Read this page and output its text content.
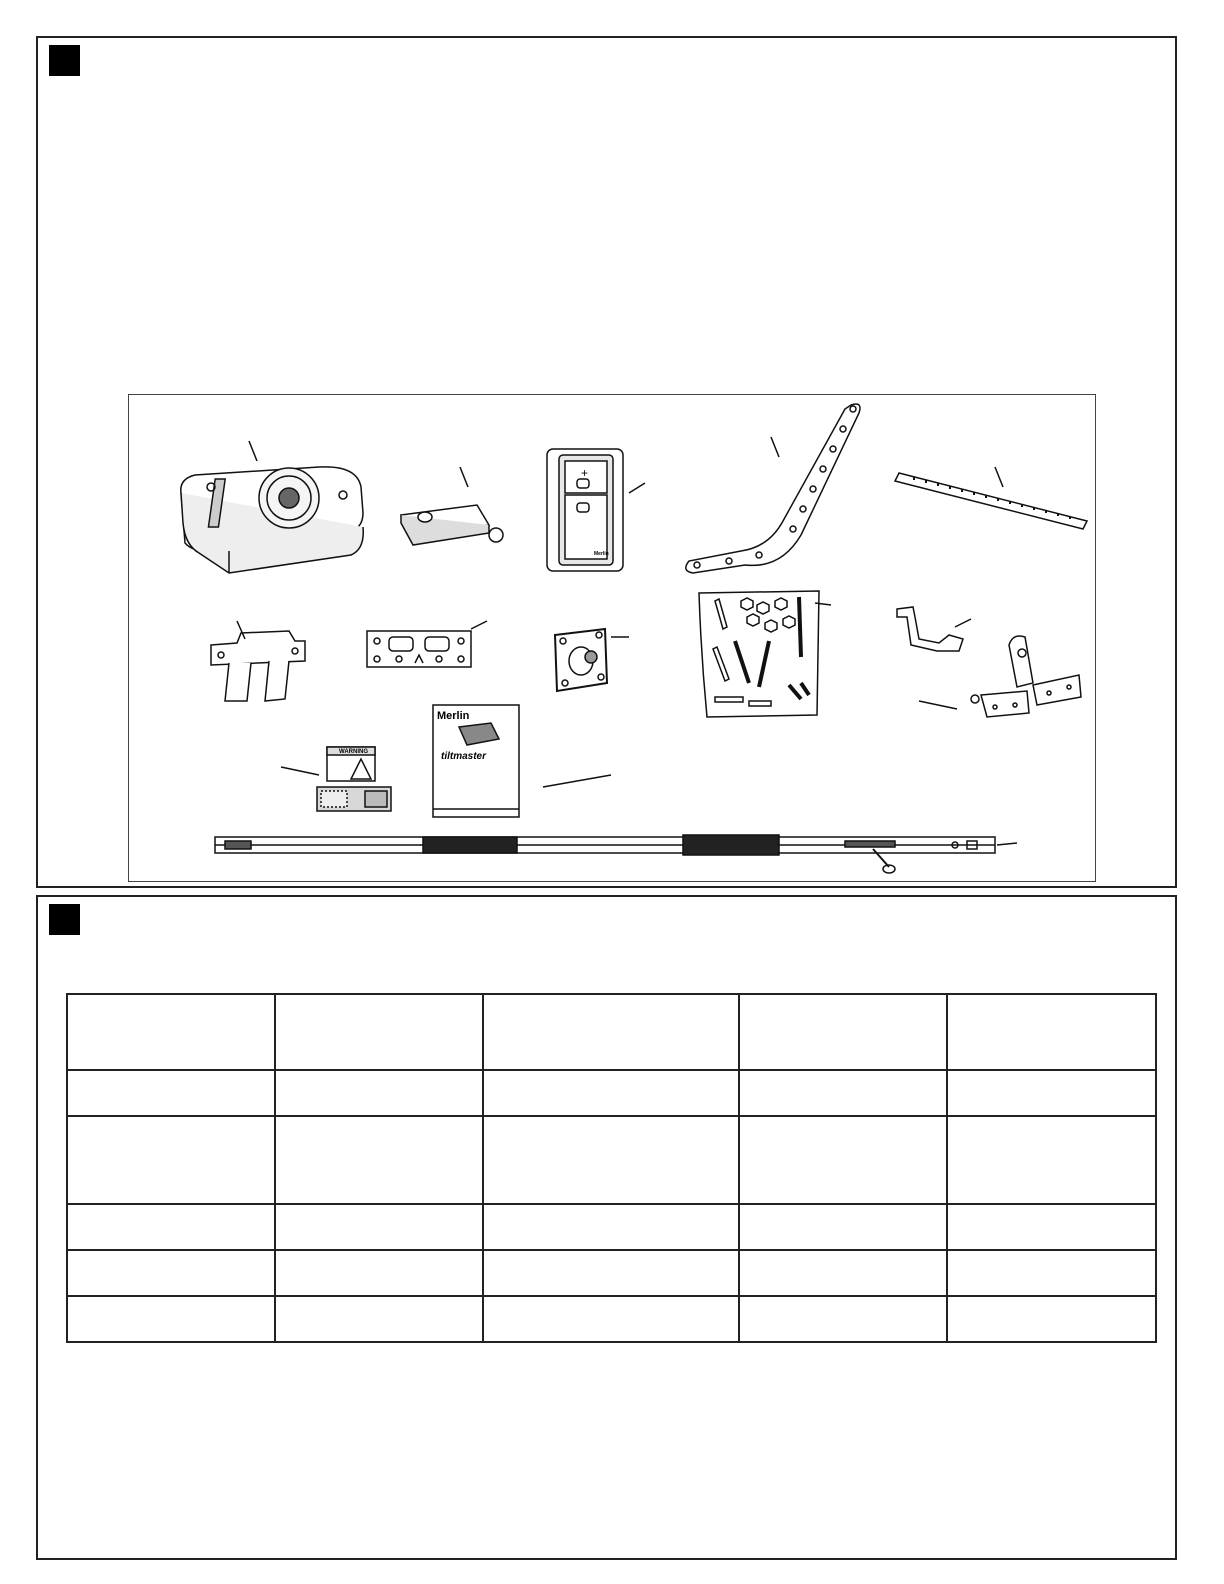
+
Merlin
WARNING
Merlin
tiltmaster
